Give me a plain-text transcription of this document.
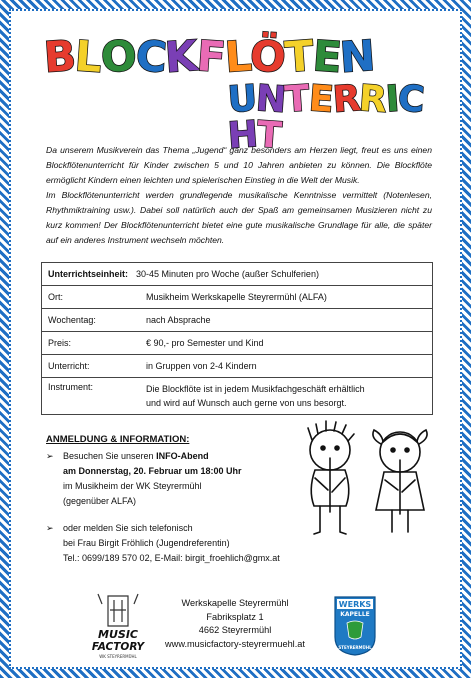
BLOCKFLÖTEN
UNTERRICHT

Da unserem Musikverein das Thema „Jugend“ ganz besonders am Herzen liegt, freut es uns einen Blockflötenunterricht für Kinder zwischen 5 und 10 Jahren anbieten zu können. Die Blockflöte ermöglicht Kindern einen leichten und spielerischen Einstieg in die Welt der Musik.

Im Blockflötenunterricht werden grundlegende musikalische Kenntnisse vermittelt (Notenlesen, Rhythmiktraining usw.). Dabei soll natürlich auch der Spaß am gemeinsamen Musizieren nicht zu kurz kommen! Der Blockflötenunterricht bietet eine gute musikalische Grundlage für alle, die später auf ein anderes Instrument wechseln möchten.

Unterrichtseinheit: 30-45 Minuten pro Woche (außer Schulferien)
Ort:	Musikheim Werkskapelle Steyrermühl (ALFA)
Wochentag:	nach Absprache
Preis:	€ 90,- pro Semester und Kind
Unterricht:	in Gruppen von 2-4 Kindern
Instrument:	Die Blockflöte ist in jedem Musikfachgeschäft erhältlich
und wird auf Wunsch auch gerne von uns besorgt.
ANMELDUNG & INFORMATION:
➢	Besuchen Sie unseren INFO-Abend
am Donnerstag, 20. Februar um 18:00 Uhr
im Musikheim der WK Steyrermühl
(gegenüber ALFA)
➢	oder melden Sie sich telefonisch
bei Frau Birgit Fröhlich (Jugendreferentin)
Tel.: 0699/189 570 02, E-Mail: birgit_froehlich@gmx.at
MUSIC
FACTORY
WK STEYRERMÜHL
Werkskapelle Steyrermühl
Fabriksplatz 1
4662 Steyrermühl
www.musicfactory-steyrermuehl.at
WERKS
KAPELLE
STEYRERMÜHL
